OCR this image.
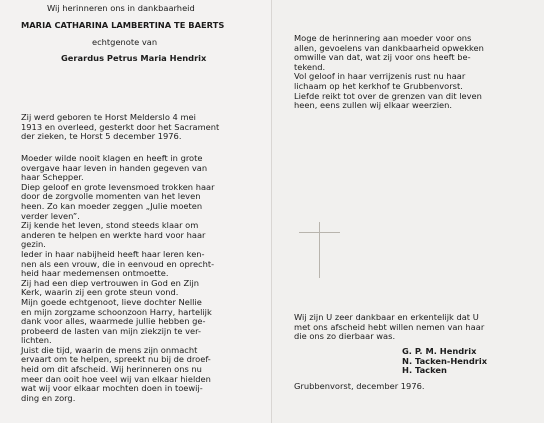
Wij herinneren ons in dankbaarheid
MARIA CATHARINA LAMBERTINA TE BAERTS
echtgenote van
Gerardus Petrus Maria Hendrix
Zij werd geboren te Horst Melderslo 4 mei
1913 en overleed, gesterkt door het Sacrament
der zieken, te Horst 5 december 1976.
Moeder wilde nooit klagen en heeft in grote
overgave haar leven in handen gegeven van
haar Schepper.
Diep geloof en grote levensmoed trokken haar
door de zorgvolle momenten van het leven
heen. Zo kan moeder zeggen „Julie moeten
verder leven”.
Zij kende het leven, stond steeds klaar om
anderen te helpen en werkte hard voor haar
gezin.
Ieder in haar nabijheid heeft haar leren ken-
nen als een vrouw, die in eenvoud en oprecht-
heid haar medemensen ontmoette.
Zij had een diep vertrouwen in God en Zijn
Kerk, waarin zij een grote steun vond.
Mijn goede echtgenoot, lieve dochter Nellie
en mijn zorgzame schoonzoon Harry, hartelijk
dank voor alles, waarmede jullie hebben ge-
probeerd de lasten van mijn ziekzijn te ver-
lichten.
Juist die tijd, waarin de mens zijn onmacht
ervaart om te helpen, spreekt nu bij de droef-
heid om dit afscheid. Wij herinneren ons nu
meer dan ooit hoe veel wij van elkaar hielden
wat wij voor elkaar mochten doen in toewij-
ding en zorg.
Moge de herinnering aan moeder voor ons
allen, gevoelens van dankbaarheid opwekken
omwille van dat, wat zij voor ons heeft be-
tekend.
Vol geloof in haar verrijzenis rust nu haar
lichaam op het kerkhof te Grubbenvorst.
Liefde reikt tot over de grenzen van dit leven
heen, eens zullen wij elkaar weerzien.
Wij zijn U zeer dankbaar en erkentelijk dat U
met ons afscheid hebt willen nemen van haar
die ons zo dierbaar was.
G. P. M. Hendrix
N. Tacken-Hendrix
H. Tacken
Grubbenvorst, december 1976.
